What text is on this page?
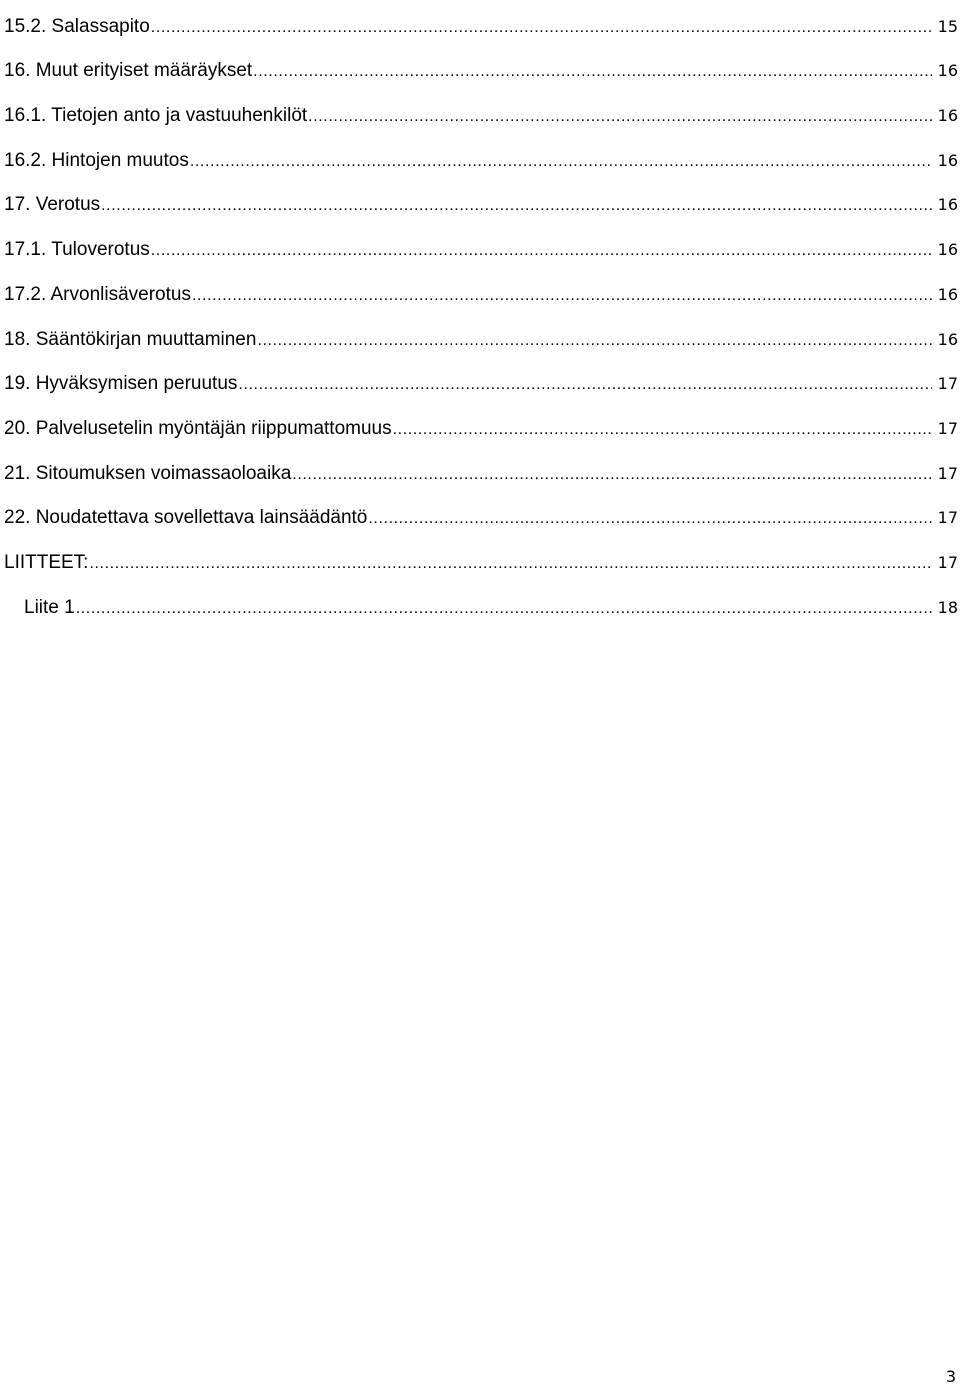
15.2. Salassapito .....	15
16. Muut erityiset määräykset .....	16
16.1. Tietojen anto ja vastuuhenkilöt .....	16
16.2. Hintojen muutos .....	16
17. Verotus .....	16
17.1. Tuloverotus .....	16
17.2. Arvonlisäverotus .....	16
18. Sääntökirjan muuttaminen .....	16
19. Hyväksymisen peruutus .....	17
20. Palvelusetelin myöntäjän riippumattomuus .....	17
21. Sitoumuksen voimassaoloaika .....	17
22. Noudatettava sovellettava lainsäädäntö .....	17
LIITTEET: .....	17
Liite 1 .....	18
3
